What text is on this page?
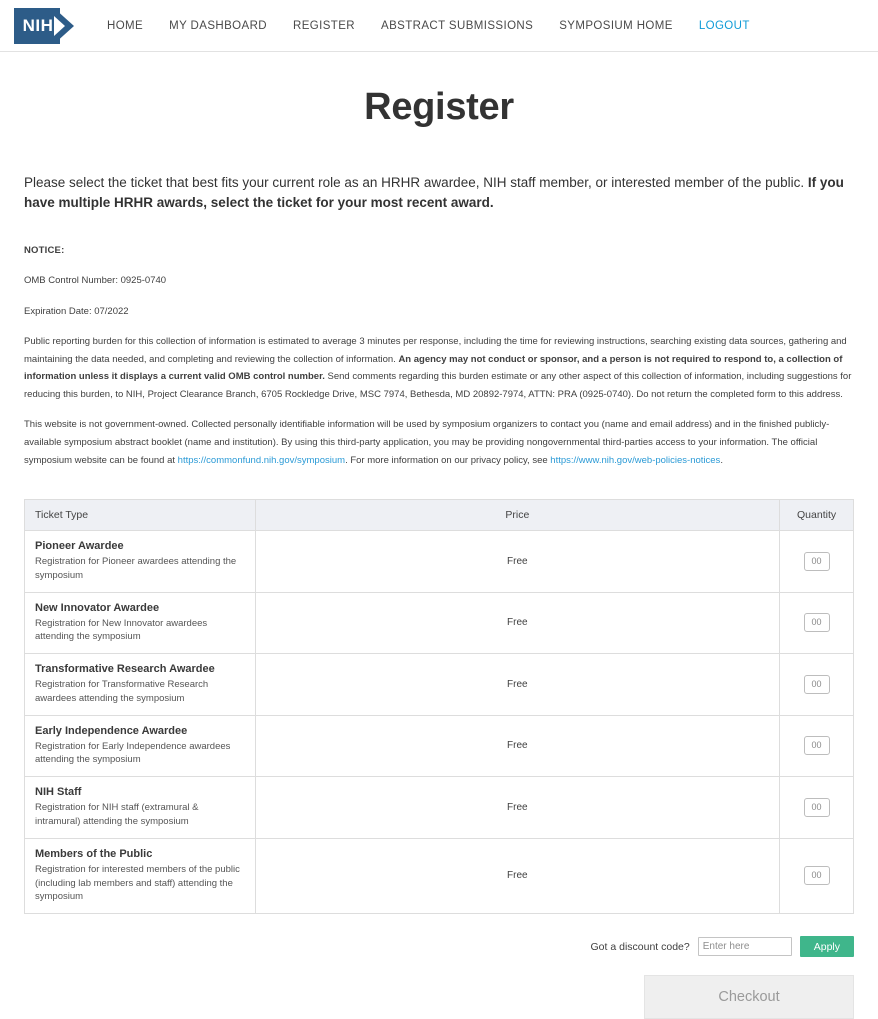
NIH	HOME	MY DASHBOARD	REGISTER	ABSTRACT SUBMISSIONS	SYMPOSIUM HOME	LOGOUT
Register

Please select the ticket that best fits your current role as an HRHR awardee, NIH staff member, or interested member of the public. If you have multiple HRHR awards, select the ticket for your most recent award.

NOTICE:

OMB Control Number: 0925-0740

Expiration Date: 07/2022

Public reporting burden for this collection of information is estimated to average 3 minutes per response, including the time for reviewing instructions, searching existing data sources, gathering and maintaining the data needed, and completing and reviewing the collection of information. An agency may not conduct or sponsor, and a person is not required to respond to, a collection of information unless it displays a current valid OMB control number. Send comments regarding this burden estimate or any other aspect of this collection of information, including suggestions for reducing this burden, to NIH, Project Clearance Branch, 6705 Rockledge Drive, MSC 7974, Bethesda, MD 20892-7974, ATTN: PRA (0925-0740). Do not return the completed form to this address.

This website is not government-owned. Collected personally identifiable information will be used by symposium organizers to contact you (name and email address) and in the finished publicly-available symposium abstract booklet (name and institution). By using this third-party application, you may be providing nongovernmental third-parties access to your information. The official symposium website can be found at https://commonfund.nih.gov/symposium. For more information on our privacy policy, see https://www.nih.gov/web-policies-notices.

Ticket Type	Price	Quantity

Pioneer Awardee
Registration for Pioneer awardees attending the symposium	Free	00

New Innovator Awardee
Registration for New Innovator awardees attending the symposium	Free	00

Transformative Research Awardee
Registration for Transformative Research awardees attending the symposium	Free	00

Early Independence Awardee
Registration for Early Independence awardees attending the symposium	Free	00

NIH Staff
Registration for NIH staff (extramural & intramural) attending the symposium	Free	00

Members of the Public
Registration for interested members of the public (including lab members and staff) attending the symposium	Free	00
Got a discount code?
Enter here	Apply
Checkout
